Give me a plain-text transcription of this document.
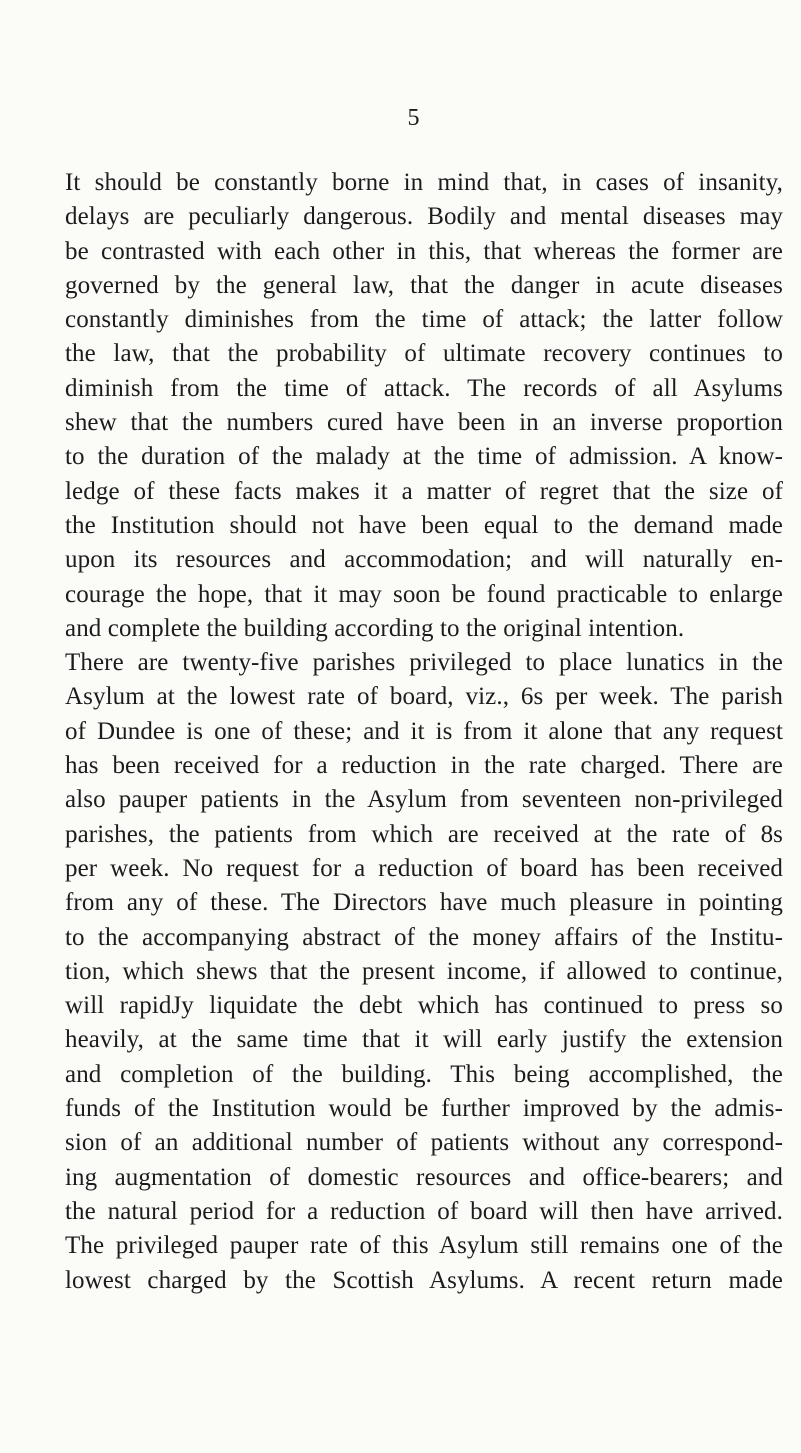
5
It should be constantly borne in mind that, in cases of insanity,
delays are peculiarly dangerous. Bodily and mental diseases may
be contrasted with each other in this, that whereas the former are
governed by the general law, that the danger in acute diseases
constantly diminishes from the time of attack; the latter follow
the law, that the probability of ultimate recovery continues to
diminish from the time of attack. The records of all Asylums
shew that the numbers cured have been in an inverse proportion
to the duration of the malady at the time of admission. A know-
ledge of these facts makes it a matter of regret that the size of
the Institution should not have been equal to the demand made
upon its resources and accommodation; and will naturally en-
courage the hope, that it may soon be found practicable to enlarge
and complete the building according to the original intention.
There are twenty-five parishes privileged to place lunatics in the
Asylum at the lowest rate of board, viz., 6s per week. The parish
of Dundee is one of these; and it is from it alone that any request
has been received for a reduction in the rate charged. There are
also pauper patients in the Asylum from seventeen non-privileged
parishes, the patients from which are received at the rate of 8s
per week. No request for a reduction of board has been received
from any of these. The Directors have much pleasure in pointing
to the accompanying abstract of the money affairs of the Institu-
tion, which shews that the present income, if allowed to continue,
will rapidJy liquidate the debt which has continued to press so
heavily, at the same time that it will early justify the extension
and completion of the building. This being accomplished, the
funds of the Institution would be further improved by the admis-
sion of an additional number of patients without any correspond-
ing augmentation of domestic resources and office-bearers; and
the natural period for a reduction of board will then have arrived.
The privileged pauper rate of this Asylum still remains one of the
lowest charged by the Scottish Asylums. A recent return made
